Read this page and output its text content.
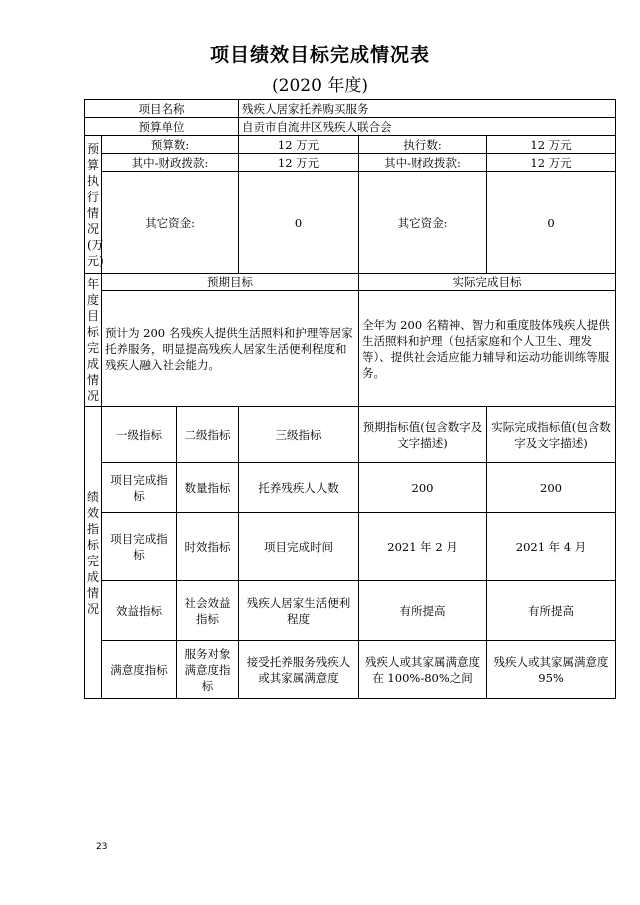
项目绩效目标完成情况表
(2020 年度)
项目名称			残疾人居家托养购买服务		
预算单位			自贡市自流井区残疾人联合会		

预算执行情况(万元)	预算数:		12 万元	执行数:	12 万元
	其中-财政拨款:		12 万元	其中-财政拨款:	12 万元
	其它资金:		0	其它资金:	0

年度目标完成情况	预期目标			实际完成目标	
	预计为 200 名残疾人提供生活照料和护理等居家托养服务，明显提高残疾人居家生活便利程度和残疾人融入社会能力。			全年为 200 名精神、智力和重度肢体残疾人提供生活照料和护理（包括家庭和个人卫生、理发等）、提供社会适应能力辅导和运动功能训练等服务。	

绩效指标完成情况	一级指标	二级指标	三级指标	预期指标值(包含数字及文字描述)	实际完成指标值(包含数字及文字描述)
	项目完成指标	数量指标	托养残疾人人数	200	200
	项目完成指标	时效指标	项目完成时间	2021 年 2 月	2021 年 4 月
	效益指标	社会效益指标	残疾人居家生活便利程度	有所提高	有所提高
	满意度指标	服务对象满意度指标	接受托养服务残疾人或其家属满意度	残疾人或其家属满意度在 100%-80%之间	残疾人或其家属满意度 95%
23
